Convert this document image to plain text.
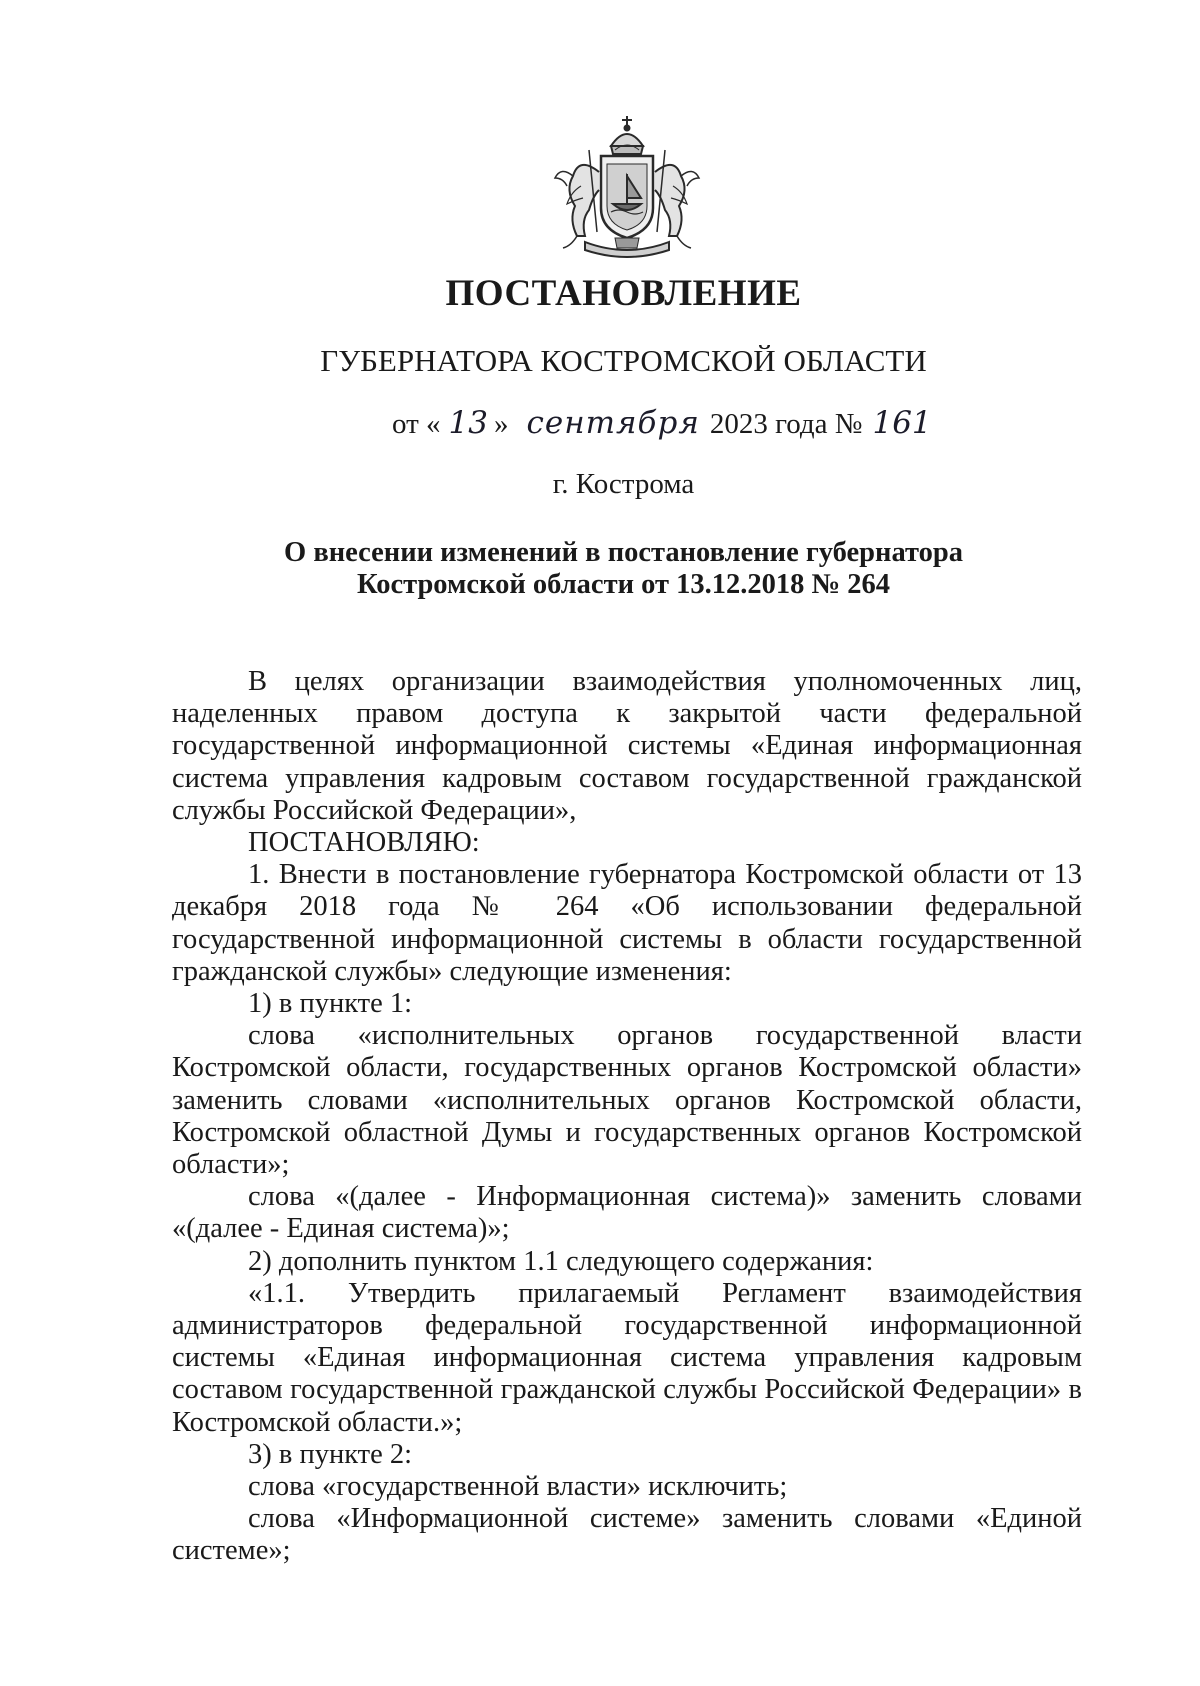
ПОСТАНОВЛЕНИЕ
ГУБЕРНАТОРА КОСТРОМСКОЙ ОБЛАСТИ
от « 13 » сентября 2023 года № 161
г. Кострома
О внесении изменений в постановление губернатора
Костромской области от 13.12.2018 № 264

В целях организации взаимодействия уполномоченных лиц, наделенных правом доступа к закрытой части федеральной государственной информационной системы «Единая информационная система управления кадровым составом государственной гражданской службы Российской Федерации»,

ПОСТАНОВЛЯЮ:

1. Внести в постановление губернатора Костромской области от 13 декабря 2018 года № 264 «Об использовании федеральной государственной информационной системы в области государственной гражданской службы» следующие изменения:

1) в пункте 1:

слова «исполнительных органов государственной власти Костромской области, государственных органов Костромской области» заменить словами «исполнительных органов Костромской области, Костромской областной Думы и государственных органов Костромской области»;

слова «(далее - Информационная система)» заменить словами «(далее - Единая система)»;

2) дополнить пунктом 1.1 следующего содержания:

«1.1. Утвердить прилагаемый Регламент взаимодействия администраторов федеральной государственной информационной системы «Единая информационная система управления кадровым составом государственной гражданской службы Российской Федерации» в Костромской области.»;

3) в пункте 2:

слова «государственной власти» исключить;

слова «Информационной системе» заменить словами «Единой системе»;
